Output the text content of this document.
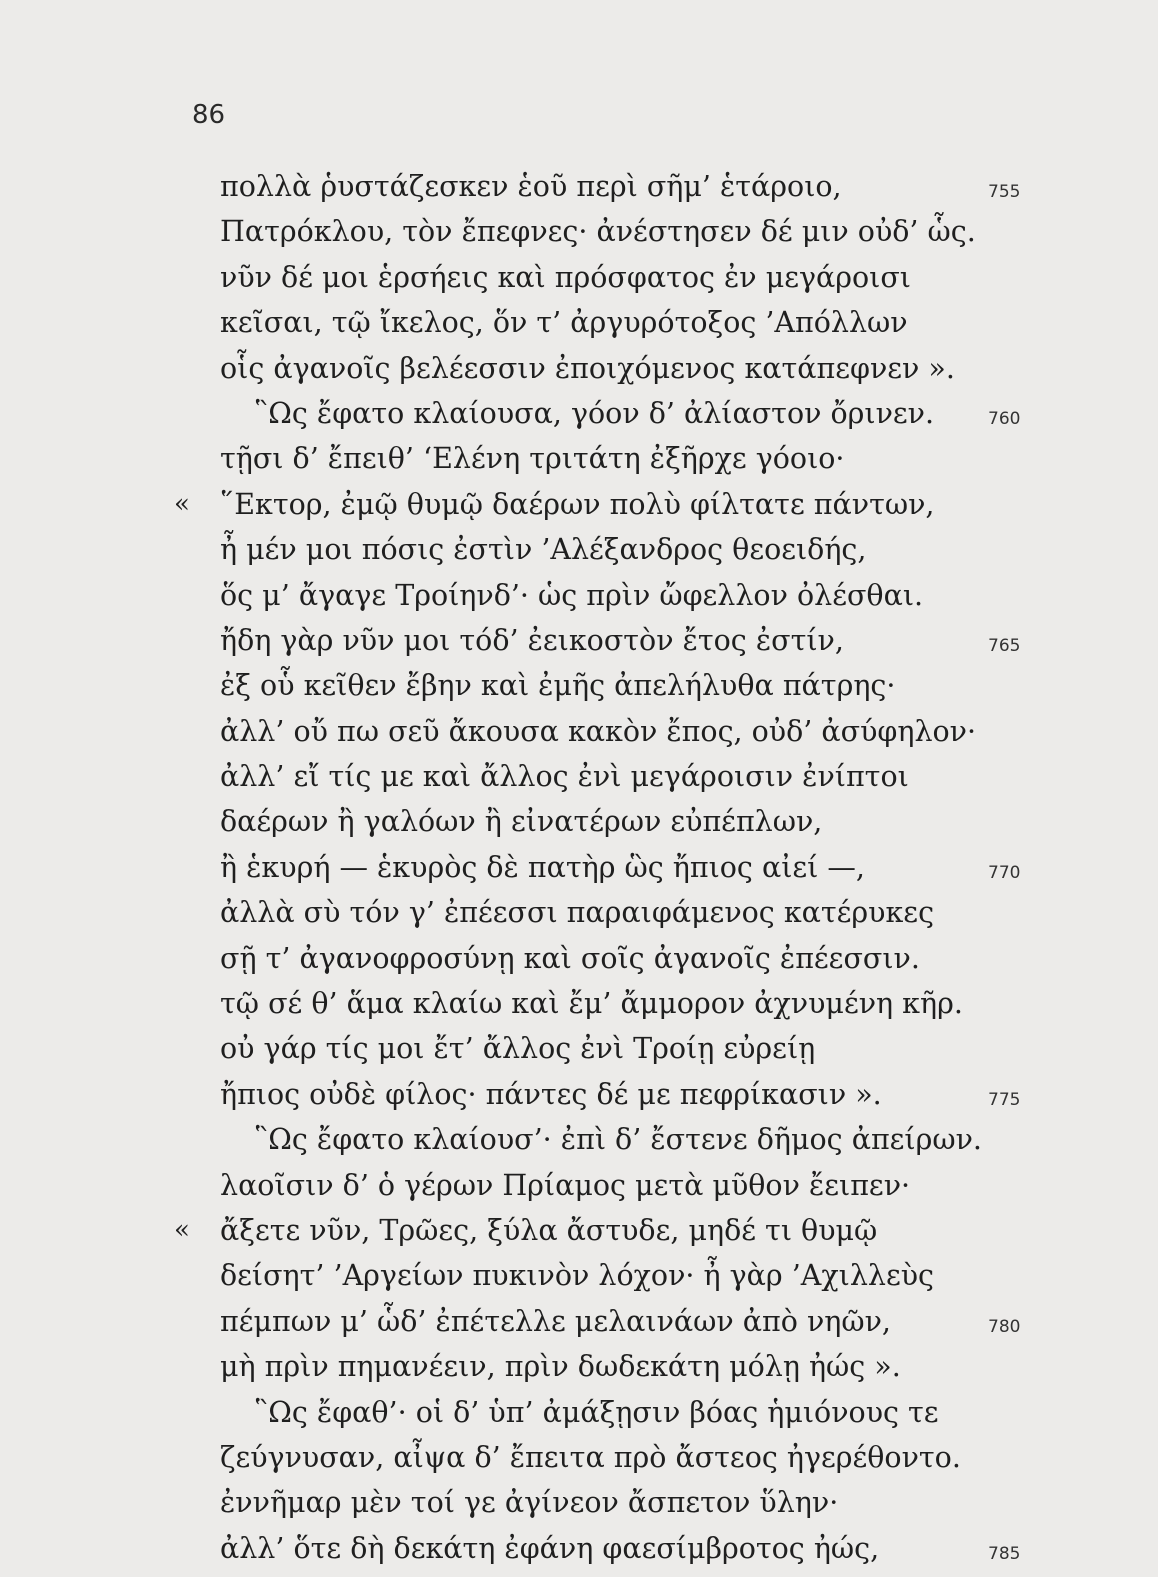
86
πολλὰ ῥυστάζεσκεν ἑοῦ περὶ σῆμ’ ἑτάροιο,	755
Πατρόκλου, τὸν ἔπεφνες· ἀνέστησεν δέ μιν οὐδ’ ὧς.
νῦν δέ μοι ἑρσήεις καὶ πρόσφατος ἐν μεγάροισι
κεῖσαι, τῷ ἴκελος, ὅν τ’ ἀργυρότοξος ’Απόλλων
οἷς ἀγανοῖς βελέεσσιν ἐποιχόμενος κατάπεφνεν ».
῝Ως ἔφατο κλαίουσα, γόον δ’ ἀλίαστον ὄρινεν.	760
τῇσι δ’ ἔπειθ’ ‘Ελένη τριτάτη ἐξῆρχε γόοιο·
« ῞Εκτορ, ἐμῷ θυμῷ δαέρων πολὺ φίλτατε πάντων,
ἦ μέν μοι πόσις ἐστὶν ’Αλέξανδρος θεοειδής,
ὅς μ’ ἄγαγε Τροίηνδ’· ὡς πρὶν ὤφελλον ὀλέσθαι.
ἤδη γὰρ νῦν μοι τόδ’ ἐεικοστὸν ἔτος ἐστίν,	765
ἐξ οὗ κεῖθεν ἔβην καὶ ἐμῆς ἀπελήλυθα πάτρης·
ἀλλ’ οὔ πω σεῦ ἄκουσα κακὸν ἔπος, οὐδ’ ἀσύφηλον·
ἀλλ’ εἴ τίς με καὶ ἄλλος ἐνὶ μεγάροισιν ἐνίπτοι
δαέρων ἢ γαλόων ἢ εἰνατέρων εὐπέπλων,
ἢ ἑκυρή — ἑκυρὸς δὲ πατὴρ ὣς ἤπιος αἰεί —,	770
ἀλλὰ σὺ τόν γ’ ἐπέεσσι παραιφάμενος κατέρυκες
σῇ τ’ ἀγανοφροσύνῃ καὶ σοῖς ἀγανοῖς ἐπέεσσιν.
τῷ σέ θ’ ἅμα κλαίω καὶ ἔμ’ ἄμμορον ἀχνυμένη κῆρ.
οὐ γάρ τίς μοι ἔτ’ ἄλλος ἐνὶ Τροίῃ εὐρείῃ
ἤπιος οὐδὲ φίλος· πάντες δέ με πεφρίκασιν ».	775
῝Ως ἔφατο κλαίουσ’· ἐπὶ δ’ ἔστενε δῆμος ἀπείρων.
λαοῖσιν δ’ ὁ γέρων Πρίαμος μετὰ μῦθον ἔειπεν·
« ἄξετε νῦν, Τρῶες, ξύλα ἄστυδε, μηδέ τι θυμῷ
δείσητ’ ’Αργείων πυκινὸν λόχον· ἦ γὰρ ’Αχιλλεὺς
πέμπων μ’ ὧδ’ ἐπέτελλε μελαινάων ἀπὸ νηῶν,	780
μὴ πρὶν πημανέειν, πρὶν δωδεκάτη μόλῃ ἠώς ».
῝Ως ἔφαθ’· οἱ δ’ ὑπ’ ἀμάξῃσιν βόας ἡμιόνους τε
ζεύγνυσαν, αἶψα δ’ ἔπειτα πρὸ ἄστεος ἠγερέθοντο.
ἐννῆμαρ μὲν τοί γε ἀγίνεον ἄσπετον ὕλην·
ἀλλ’ ὅτε δὴ δεκάτη ἐφάνη φαεσίμβροτος ἠώς,	785
